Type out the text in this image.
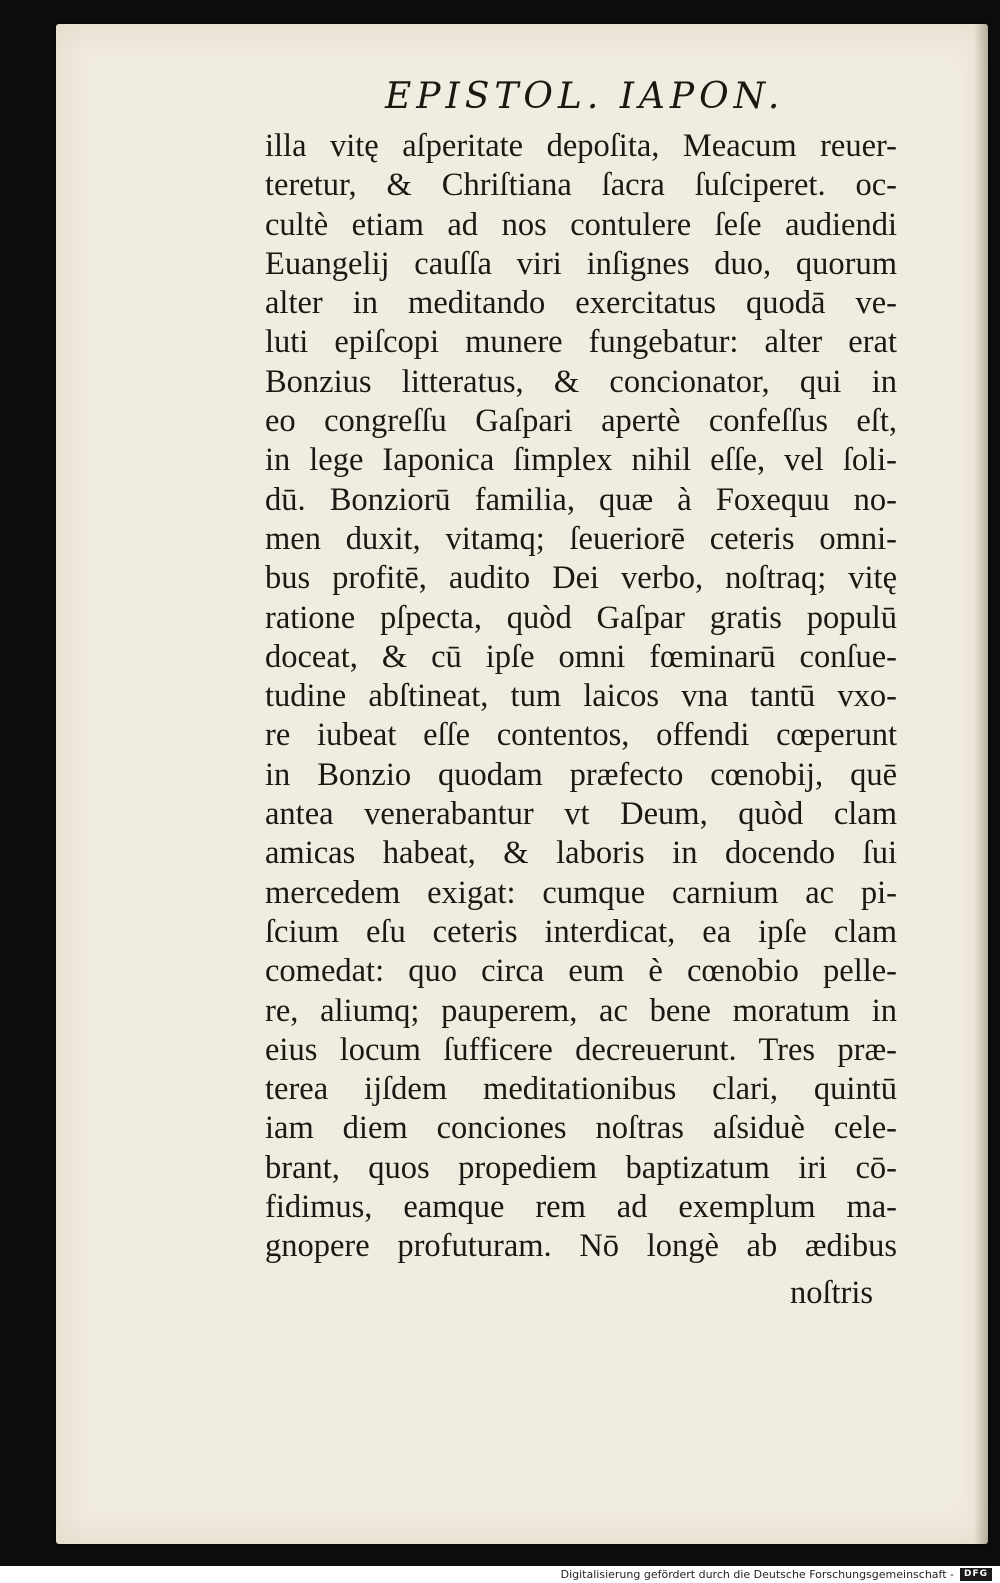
EPISTOL. IAPON.
illa vitę aſperitate depoſita, Meacum reuer-
teretur, & Chriſtiana ſacra ſuſciperet. oc-
cultè etiam ad nos contulere ſeſe audiendi
Euangelij cauſſa viri inſignes duo, quorum
alter in meditando exercitatus quodā ve-
luti epiſcopi munere fungebatur: alter erat
Bonzius litteratus, & concionator, qui in
eo congreſſu Gaſpari apertè confeſſus eſt,
in lege Iaponica ſimplex nihil eſſe, vel ſoli-
dū. Bonziorū familia, quæ à Foxequu no-
men duxit, vitamq; ſeueriorē ceteris omni-
bus profitē, audito Dei verbo, noſtraq; vitę
ratione pſpecta, quòd Gaſpar gratis populū
doceat, & cū ipſe omni fœminarū conſue-
tudine abſtineat, tum laicos vna tantū vxo-
re iubeat eſſe contentos, offendi cœperunt
in Bonzio quodam præfecto cœnobij, quē
antea venerabantur vt Deum, quòd clam
amicas habeat, & laboris in docendo ſui
mercedem exigat: cumque carnium ac pi-
ſcium eſu ceteris interdicat, ea ipſe clam
comedat: quo circa eum è cœnobio pelle-
re, aliumq; pauperem, ac bene moratum in
eius locum ſufficere decreuerunt. Tres præ-
terea ijſdem meditationibus clari, quintū
iam diem conciones noſtras aſsiduè cele-
brant, quos propediem baptizatum iri cō-
fidimus, eamque rem ad exemplum ma-
gnopere profuturam. Nō longè ab ædibus
noſtris
Digitalisierung gefördert durch die Deutsche Forschungsgemeinschaft -	DFG
